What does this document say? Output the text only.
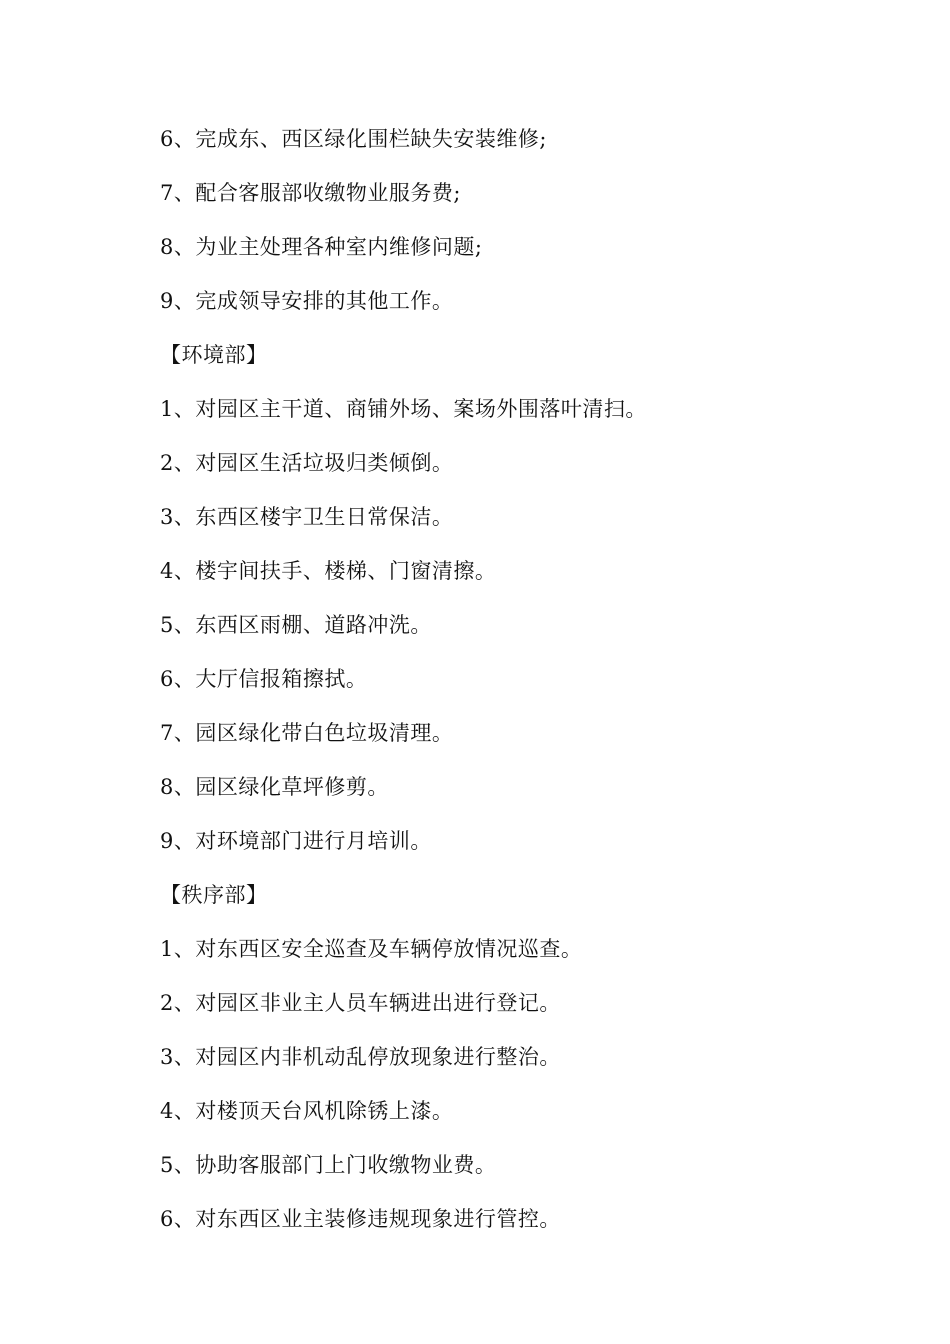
6、完成东、西区绿化围栏缺失安装维修;
7、配合客服部收缴物业服务费;
8、为业主处理各种室内维修问题;
9、完成领导安排的其他工作。
【环境部】
1、对园区主干道、商铺外场、案场外围落叶清扫。
2、对园区生活垃圾归类倾倒。
3、东西区楼宇卫生日常保洁。
4、楼宇间扶手、楼梯、门窗清擦。
5、东西区雨棚、道路冲洗。
6、大厅信报箱擦拭。
7、园区绿化带白色垃圾清理。
8、园区绿化草坪修剪。
9、对环境部门进行月培训。
【秩序部】
1、对东西区安全巡查及车辆停放情况巡查。
2、对园区非业主人员车辆进出进行登记。
3、对园区内非机动乱停放现象进行整治。
4、对楼顶天台风机除锈上漆。
5、协助客服部门上门收缴物业费。
6、对东西区业主装修违规现象进行管控。
